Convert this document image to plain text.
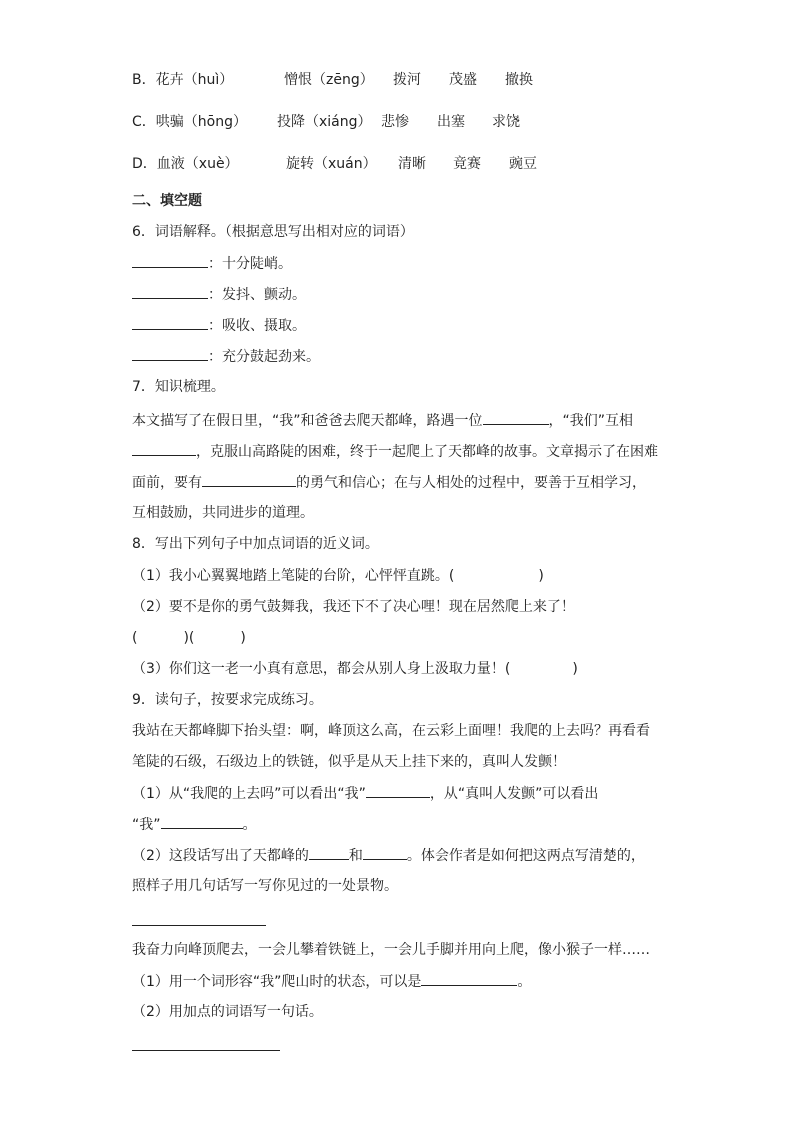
B．花卉（huì）	憎恨（zēng） 拨河 茂盛 撤换
C．哄骗（hōng） 投降（xiáng） 悲惨 出塞 求饶
D．血液（xuè）	旋转（xuán） 清晰 竟赛 豌豆
二、填空题
6．词语解释。（根据意思写出相对应的词语）
：十分陡峭。
：发抖、颤动。
：吸收、摄取。
：充分鼓起劲来。
7．知识梳理。
本文描写了在假日里，“我”和爸爸去爬天都峰，路遇一位	，“我们”互相
，克服山高路陡的困难，终于一起爬上了天都峰的故事。文章揭示了在困难
面前，要有	的勇气和信心；在与人相处的过程中，要善于互相学习，
互相鼓励，共同进步的道理。
8．写出下列句子中加点词语的近义词。
（1）我小心翼翼地踏上笔陡的台阶，心怦怦直跳。(	)
（2）要不是你的勇气鼓舞我，我还下不了决心哩！现在居然爬上来了！
(	)(	)
（3）你们这一老一小真有意思，都会从别人身上汲取力量！(	)
9．读句子，按要求完成练习。
我站在天都峰脚下抬头望：啊，峰顶这么高，在云彩上面哩！我爬的上去吗？再看看
笔陡的石级，石级边上的铁链，似乎是从天上挂下来的，真叫人发颤！
（1）从“我爬的上去吗”可以看出“我”	，从“真叫人发颤”可以看出
“我”	。
（2）这段话写出了天都峰的	和	。体会作者是如何把这两点写清楚的，
照样子用几句话写一写你见过的一处景物。
我奋力向峰顶爬去，一会儿攀着铁链上，一会儿手脚并用向上爬，像小猴子一样……
（1）用一个词形容“我”爬山时的状态，可以是	。
（2）用加点的词语写一句话。
